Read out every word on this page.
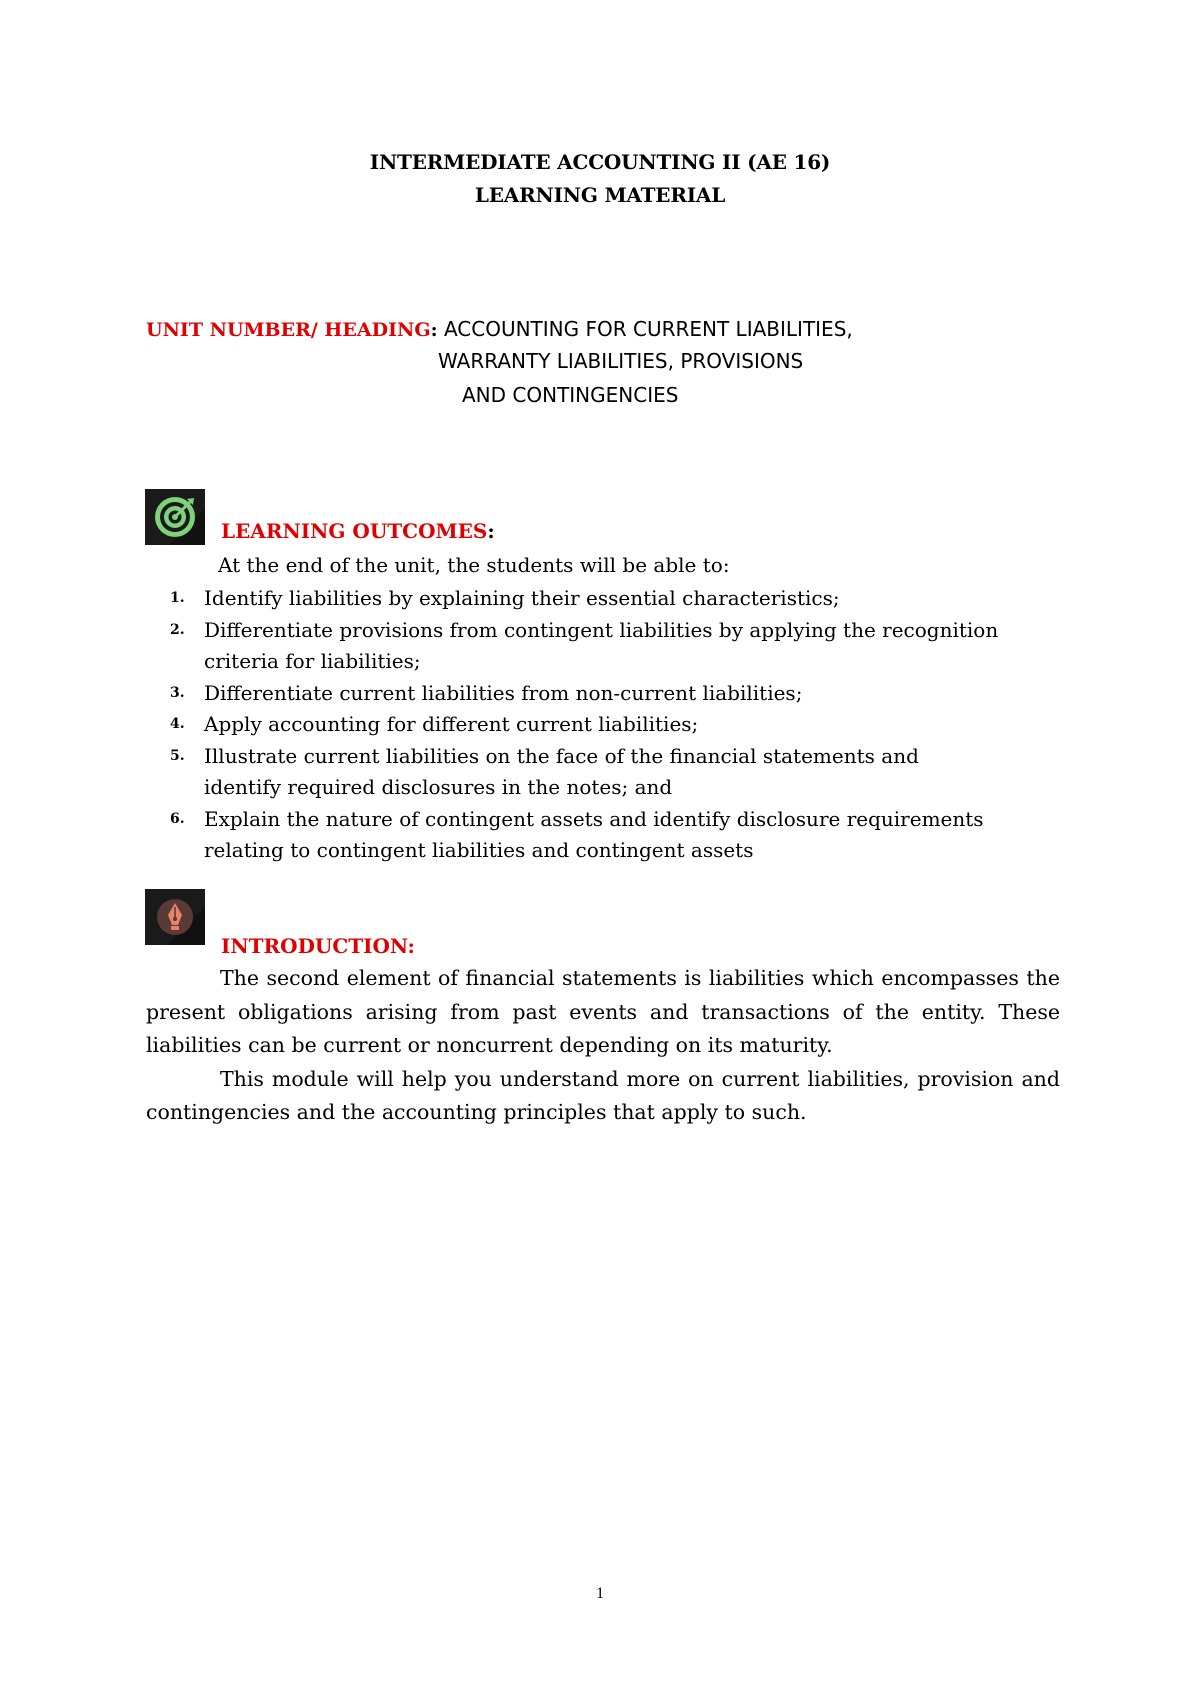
INTERMEDIATE ACCOUNTING II (AE 16)
LEARNING MATERIAL
UNIT NUMBER/ HEADING: ACCOUNTING FOR CURRENT LIABILITIES,
WARRANTY LIABILITIES, PROVISIONS
AND CONTINGENCIES
LEARNING OUTCOMES:
At the end of the unit, the students will be able to:
1. Identify liabilities by explaining their essential characteristics;
2. Differentiate provisions from contingent liabilities by applying the recognition criteria for liabilities;
3. Differentiate current liabilities from non-current liabilities;
4. Apply accounting for different current liabilities;
5. Illustrate current liabilities on the face of the financial statements and identify required disclosures in the notes; and
6. Explain the nature of contingent assets and identify disclosure requirements relating to contingent liabilities and contingent assets
INTRODUCTION:

The second element of financial statements is liabilities which encompasses the present obligations arising from past events and transactions of the entity. These liabilities can be current or noncurrent depending on its maturity.

This module will help you understand more on current liabilities, provision and contingencies and the accounting principles that apply to such.

1
